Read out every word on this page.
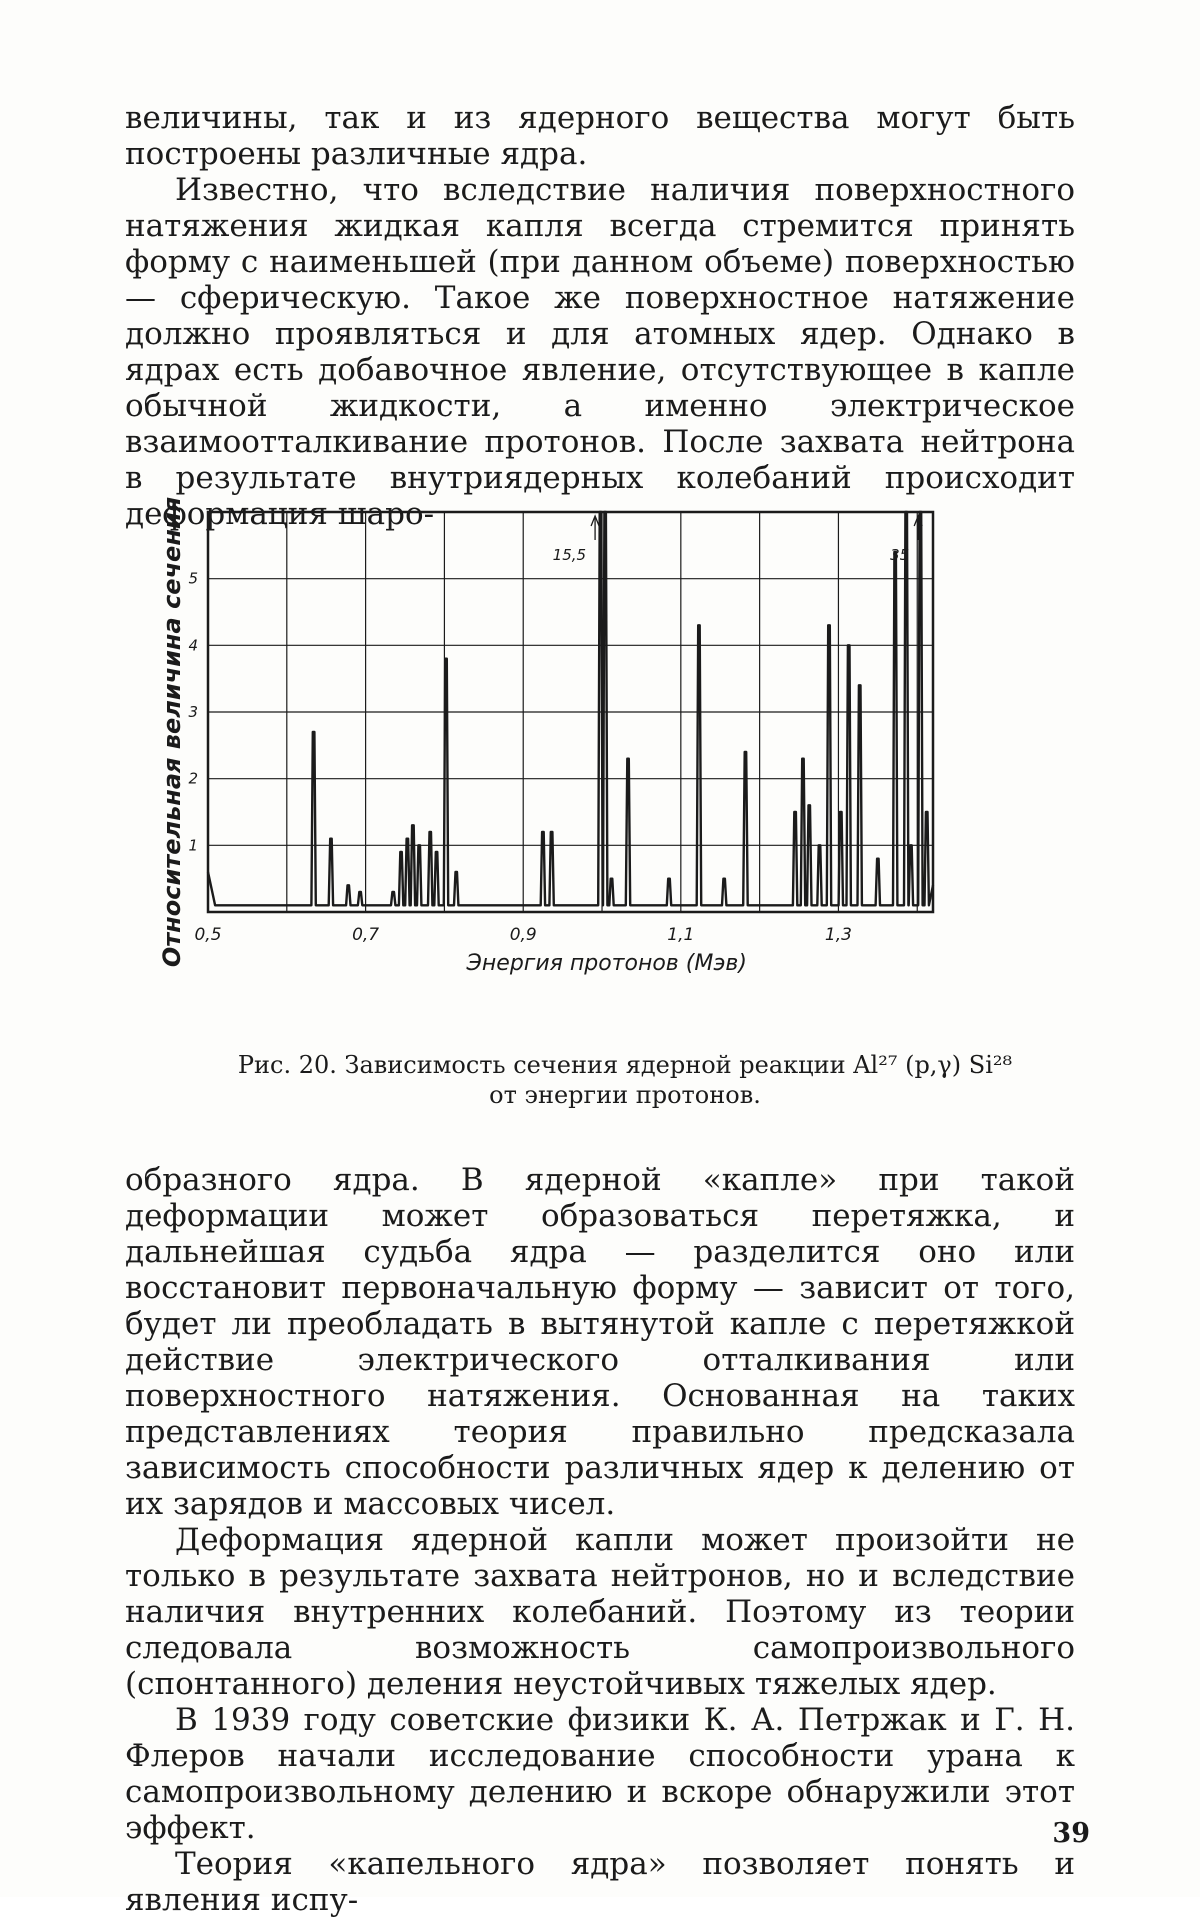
величины, так и из ядерного вещества могут быть построены различные ядра.

Известно, что вследствие наличия поверхностного натяжения жидкая капля всегда стремится принять форму с наименьшей (при данном объеме) поверхностью — сферическую. Такое же поверхностное натяжение должно проявляться и для атомных ядер. Однако в ядрах есть добавочное явление, отсутствующее в капле обычной жидкости, а именно электрическое взаимоотталкивание протонов. После захвата нейтрона в результате внутриядерных колебаний происходит деформация шаро-

1
2
3
4
5
0,5	0,7	0,9	1,1	1,3
15,5	35
Относительная величина сечения	Энергия протонов (Мэв)
Рис. 20. Зависимость сечения ядерной реакции Al²⁷ (p,γ) Si²⁸
от энергии протонов.

образного ядра. В ядерной «капле» при такой деформации может образоваться перетяжка, и дальнейшая судьба ядра — разделится оно или восстановит первоначальную форму — зависит от того, будет ли преобладать в вытянутой капле с перетяжкой действие электрического отталкивания или поверхностного натяжения. Основанная на таких представлениях теория правильно предсказала зависимость способности различных ядер к делению от их зарядов и массовых чисел.

Деформация ядерной капли может произойти не только в результате захвата нейтронов, но и вследствие наличия внутренних колебаний. Поэтому из теории следовала возможность самопроизвольного (спонтанного) деления неустойчивых тяжелых ядер.

В 1939 году советские физики К. А. Петржак и Г. Н. Флеров начали исследование способности урана к самопроизвольному делению и вскоре обнаружили этот эффект.

Теория «капельного ядра» позволяет понять и явления испу-

39
